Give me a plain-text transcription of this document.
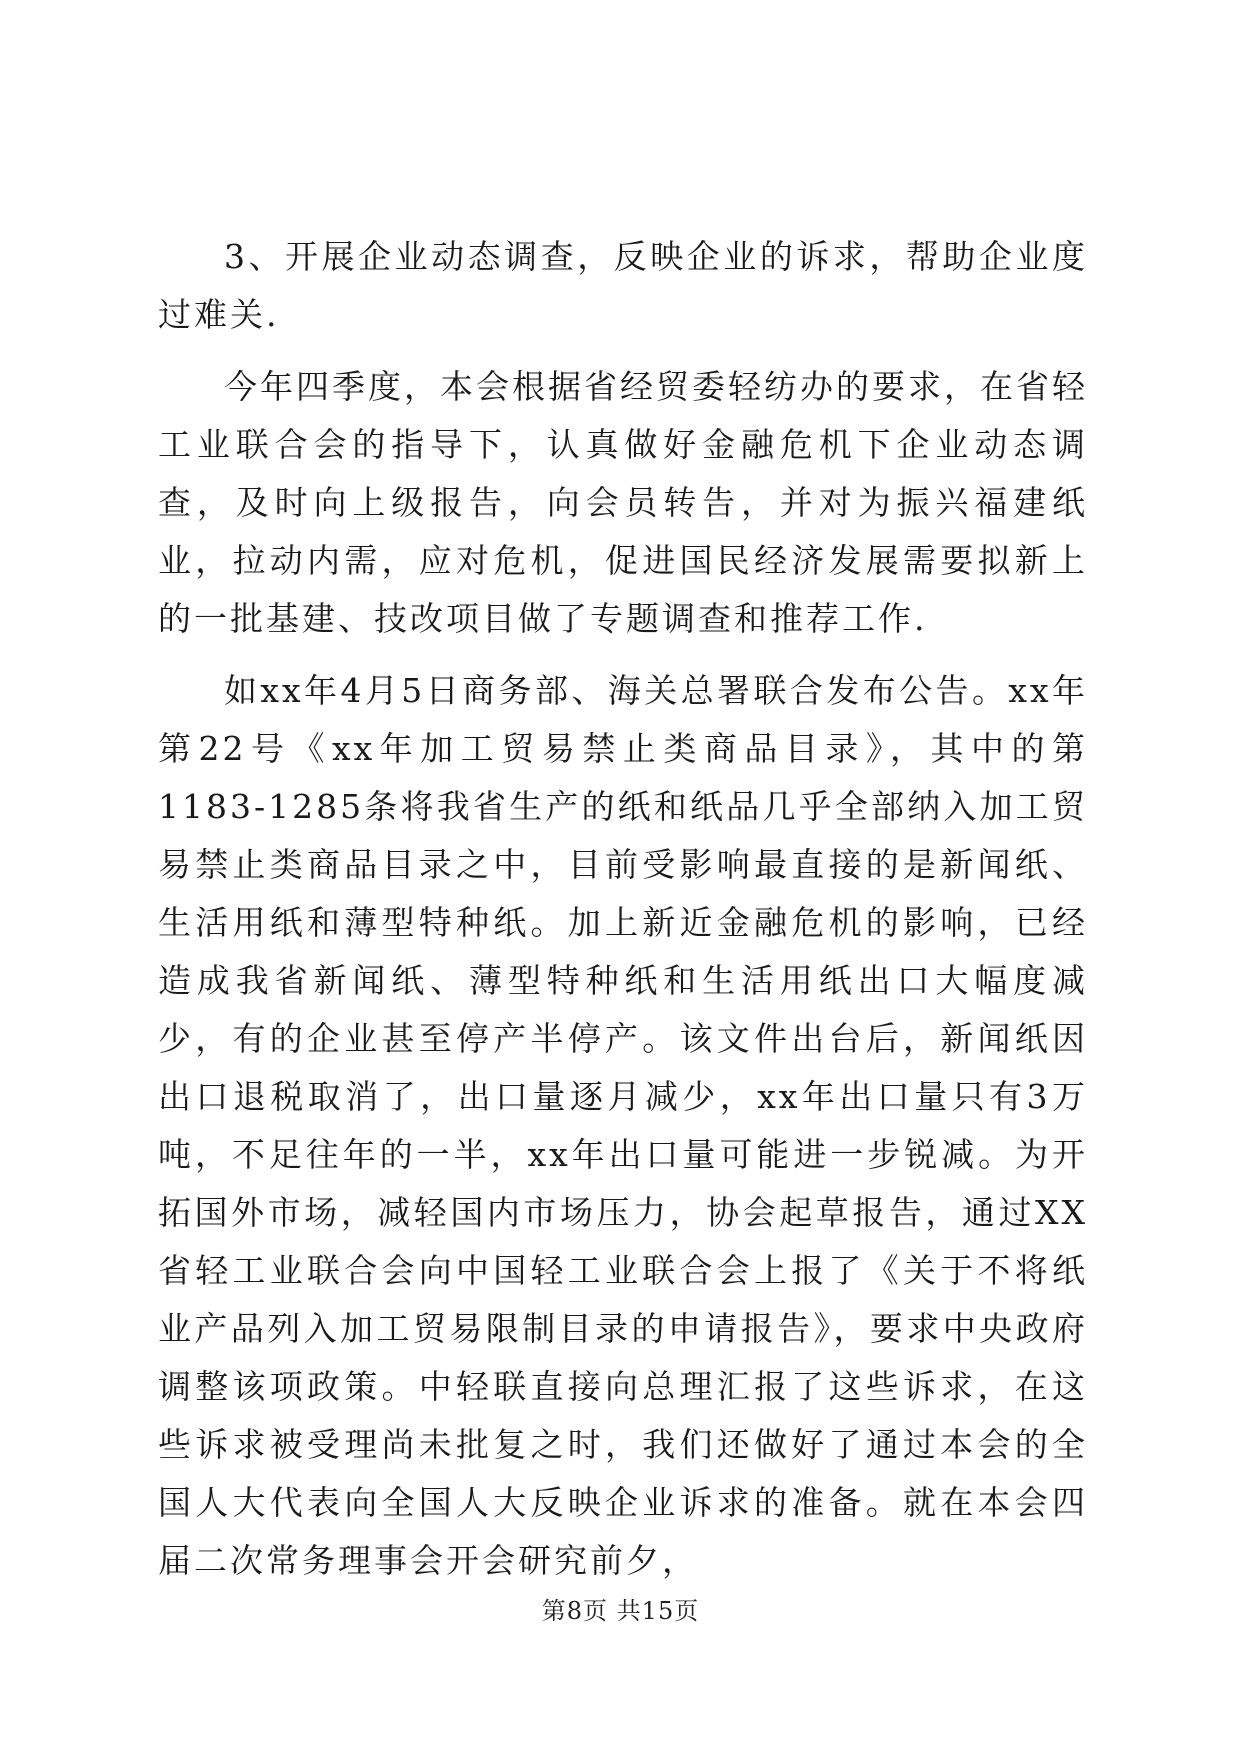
3、开展企业动态调查，反映企业的诉求，帮助企业度过难关.

今年四季度，本会根据省经贸委轻纺办的要求，在省轻工业联合会的指导下，认真做好金融危机下企业动态调查，及时向上级报告，向会员转告，并对为振兴福建纸业，拉动内需，应对危机，促进国民经济发展需要拟新上的一批基建、技改项目做了专题调查和推荐工作.

如xx年4月5日商务部、海关总署联合发布公告。xx年第22号《xx年加工贸易禁止类商品目录》，其中的第1183-1285条将我省生产的纸和纸品几乎全部纳入加工贸易禁止类商品目录之中，目前受影响最直接的是新闻纸、生活用纸和薄型特种纸。加上新近金融危机的影响，已经造成我省新闻纸、薄型特种纸和生活用纸出口大幅度减少，有的企业甚至停产半停产。该文件出台后，新闻纸因出口退税取消了，出口量逐月减少，xx年出口量只有3万吨，不足往年的一半，xx年出口量可能进一步锐减。为开拓国外市场，减轻国内市场压力，协会起草报告，通过XX省轻工业联合会向中国轻工业联合会上报了《关于不将纸业产品列入加工贸易限制目录的申请报告》，要求中央政府调整该项政策。中轻联直接向总理汇报了这些诉求，在这些诉求被受理尚未批复之时，我们还做好了通过本会的全国人大代表向全国人大反映企业诉求的准备。就在本会四届二次常务理事会开会研究前夕，

第8页 共15页
